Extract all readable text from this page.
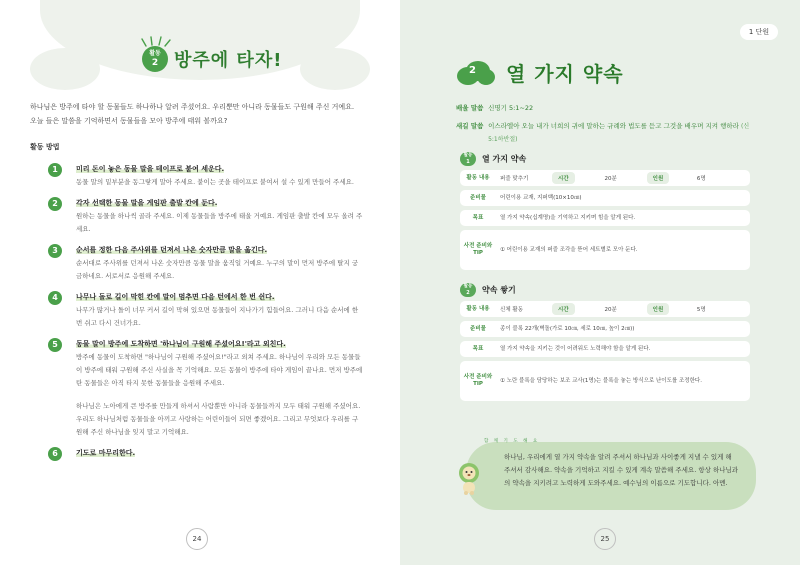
활동
2 방주에 타자!
하나님은 방주에 타야 할 동물들도 하나하나 알려 주셨어요. 우리뿐만 아니라 동물들도 구원해 주신 거예요. 오늘 들은 말씀을 기억하면서 동물들을 모아 방주에 태워 볼까요?
활동 방법
1	미리 돈이 놓은 동물 말을 테이프로 붙여 세운다.

동물 말의 밑부분을 동그랗게 말아 주세요. 붙이는 곳을 테이프로 붙여서 설 수 있게 만들어 주세요.

2	각자 선택한 동물 말을 게임판 출발 칸에 둔다.

원하는 동물을 하나씩 골라 주세요. 이제 동물들을 방주에 태울 거예요. 게임판 출발 칸에 모두 올려 주세요.

3	순서를 정한 다음 주사위를 던져서 나온 숫자만큼 말을 옮긴다.

순서대로 주사위를 던져서 나온 숫자만큼 동물 말을 움직일 거예요. 누구의 말이 먼저 방주에 탈지 궁금하네요. 서로서로 응원해 주세요.

4	나무나 돌로 길이 막힌 칸에 말이 멈추면 다음 턴에서 한 번 쉰다.

나무가 많거나 돌이 너무 커서 길이 막혀 있으면 동물들이 지나가기 힘들어요. 그러니 다음 순서에 한 번 쉬고 다시 건너가요.

5	동물 말이 방주에 도착하면 '하나님이 구원해 주셨어요!'라고 외친다.

방주에 동물이 도착하면 "하나님이 구원해 주셨어요!"라고 외쳐 주세요. 하나님이 우리와 모든 동물들이 방주에 태워 구원해 주신 사실을 꼭 기억해요. 모든 동물이 방주에 타야 게임이 끝나요. 먼저 방주에 탄 동물들은 아직 타지 못한 동물들을 응원해 주세요.

하나님은 노아에게 큰 방주를 만들게 하셔서 사람뿐만 아니라 동물들까지 모두 태워 구원해 주셨어요. 우리도 하나님처럼 동물들을 아끼고 사랑하는 어린이들이 되면 좋겠어요. 그리고 무엇보다 우리를 구원해 주신 하나님을 잊지 말고 기억해요.

6	기도로 마무리한다.
24
1 단원
2 열 가지 약속
배울 말씀 신명기 5:1~22
새길 말씀 이스라엘아 오늘 내가 너희의 귀에 말하는 규례와 법도를 듣고 그것을 배우며 지켜 행하라 (신 5:1하반절)
활동
1	열 가지 약속
활동 내용	퍼즐 맞추기	시간	20분	인원	6명
준비물	어린이용 교재, 지퍼백(10×10㎝)
목표	열 가지 약속(십계명)을 기억하고 지키며 힘을 알게 된다.
사전 준비와 TIP	① 어린이용 교재의 퍼즐 조각을 뜯어 세트별로 모아 둔다.
활동
2	약속 쌓기
활동 내용	신체 활동	시간	20분	인원	5명
준비물	종이 블록 22개(벽돌(가로 10㎝, 세로 10㎝, 높이 2㎝))
목표	열 가지 약속을 지키는 것이 어려워도 노력해야 함을 알게 된다.
사전 준비와 TIP	① 노란 블록을 담당하는 보조 교사(1명)는 블록을 놓는 방식으로 난이도를 조정한다.
하나님, 우리에게 열 가지 약속을 알려 주셔서 하나님과 사이좋게 지낼 수 있게 해 주셔서 감사해요. 약속을 기억하고 지킬 수 있게 계속 말씀해 주세요. 항상 하나님과의 약속을 지키려고 노력하게 도와주세요. 예수님의 이름으로 기도합니다. 아멘.
함 께 기 도 해 요
25
